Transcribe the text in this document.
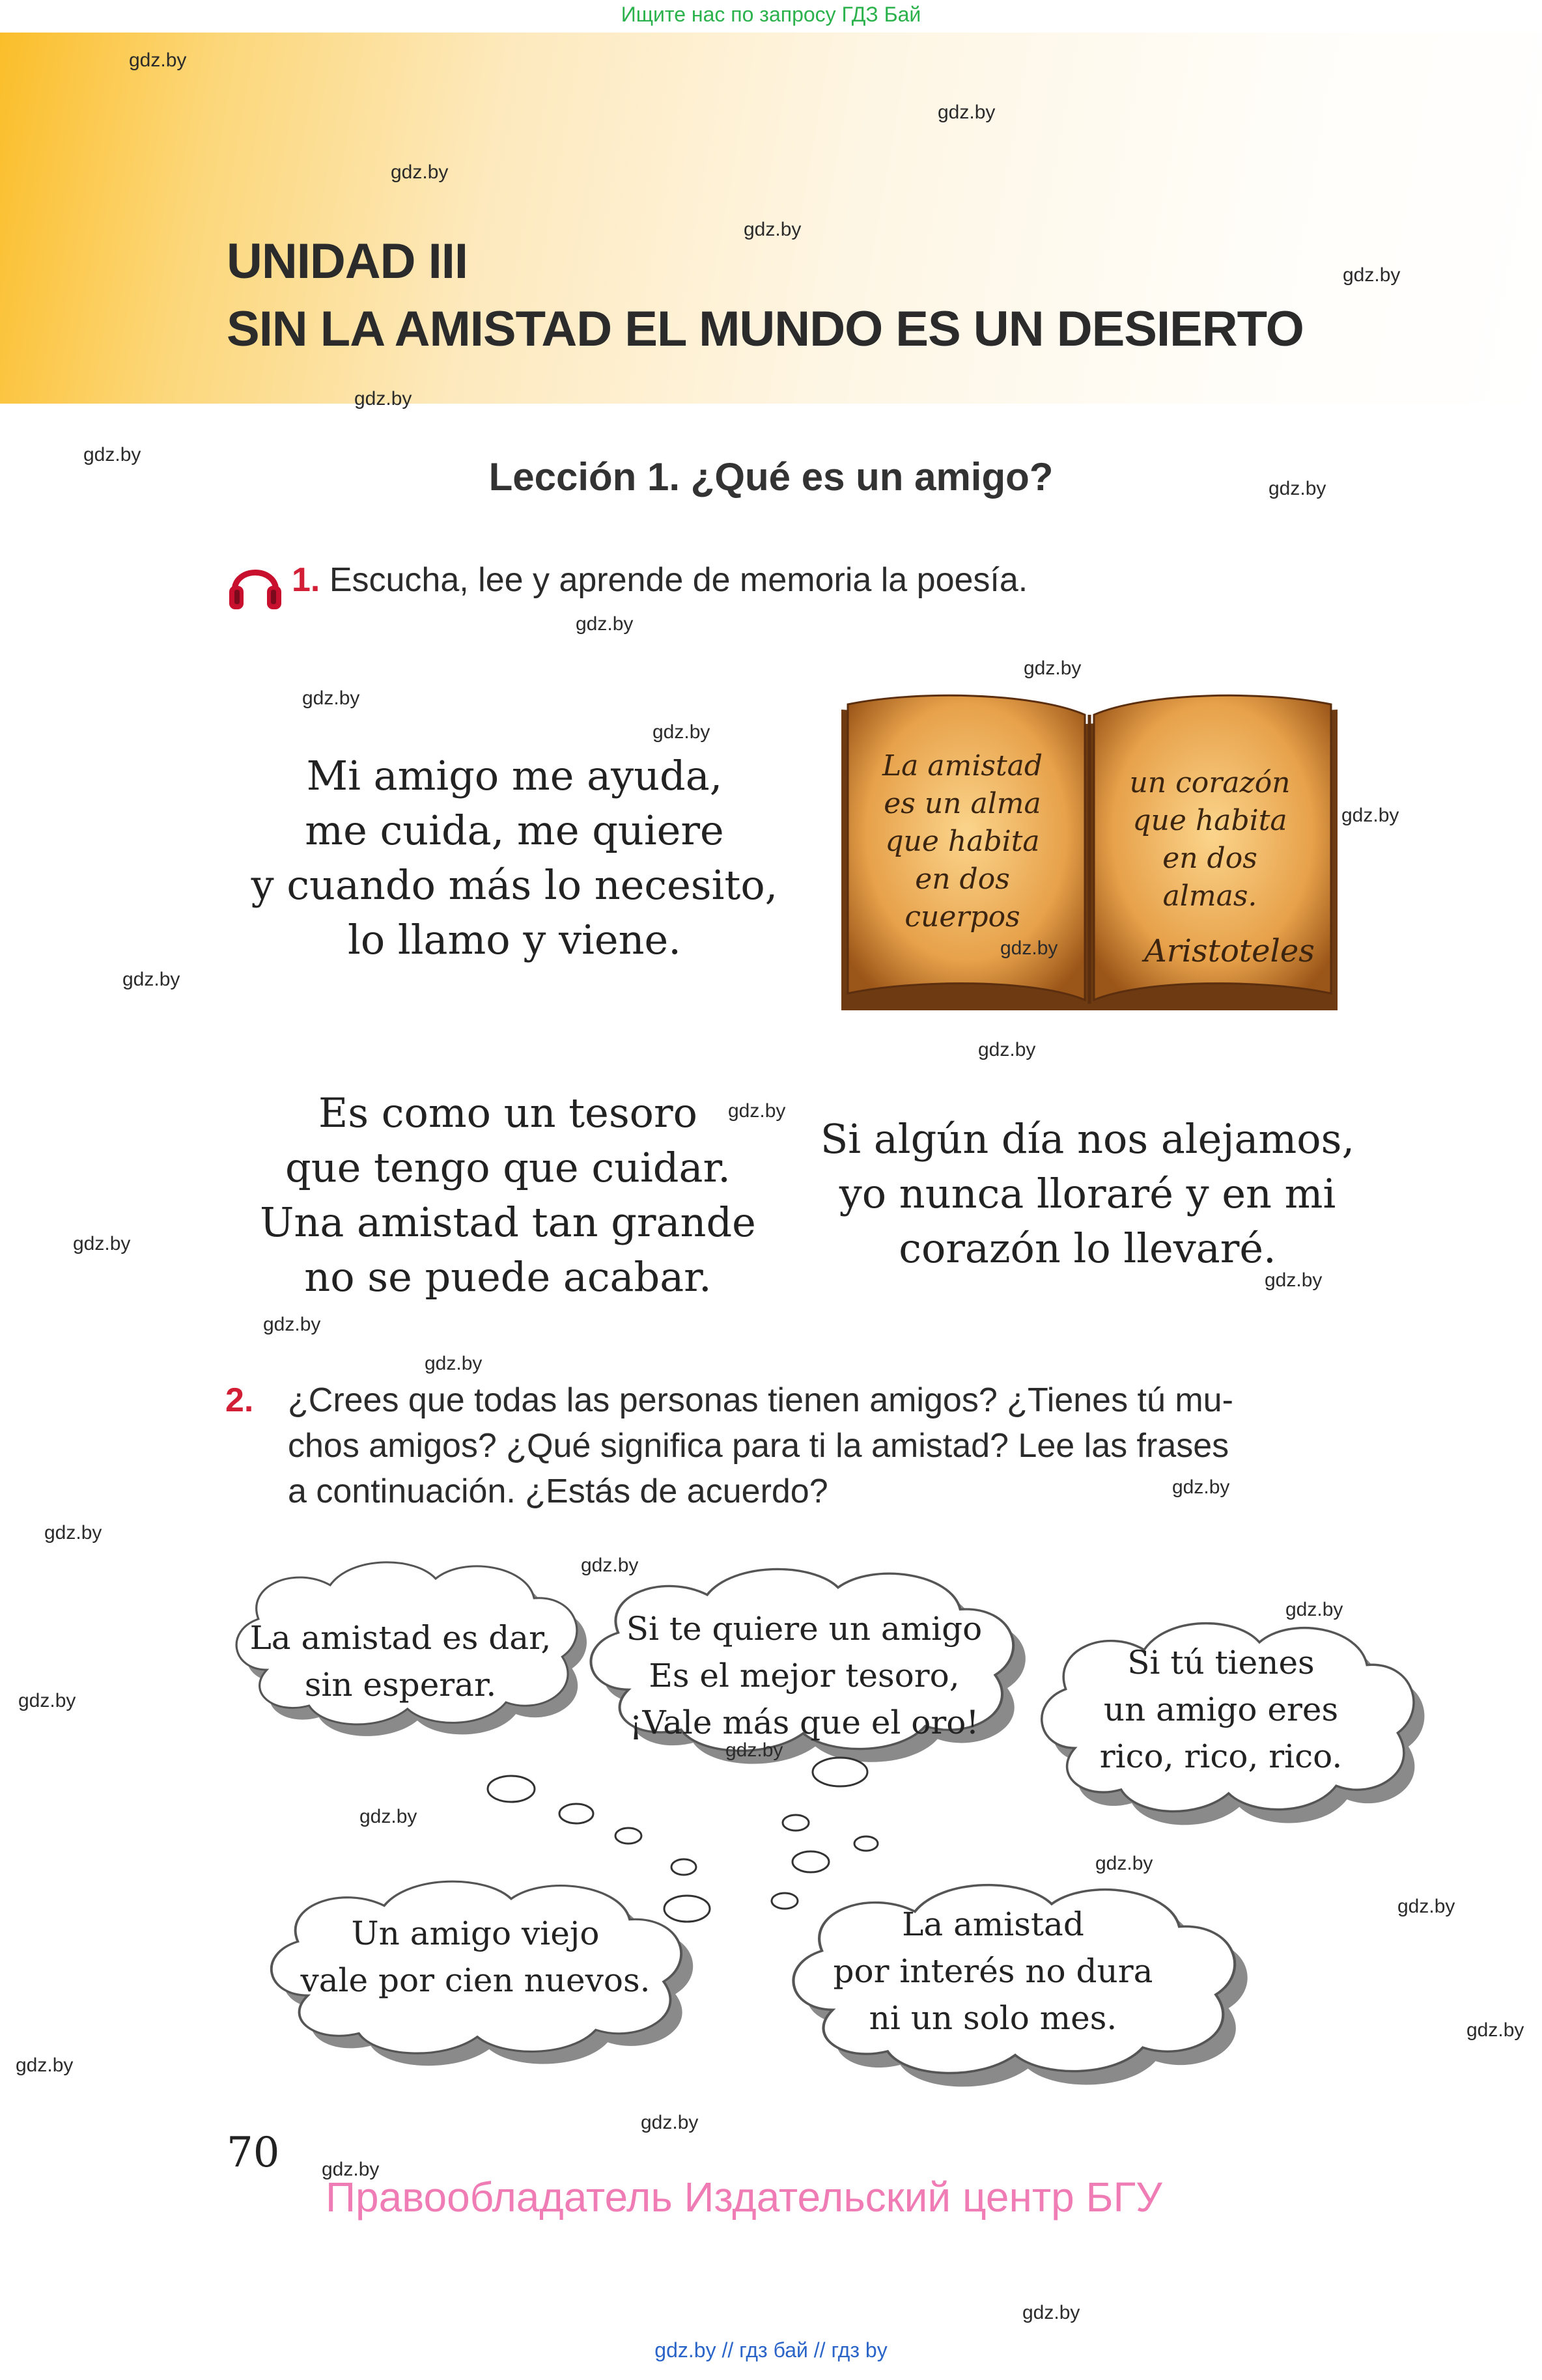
Ищите нас по запросу ГДЗ Бай
UNIDAD III
SIN LA AMISTAD EL MUNDO ES UN DESIERTO
Lección 1. ¿Qué es un amigo?
1. Escucha, lee y aprende de memoria la poesía.
Mi amigo me ayuda,
me cuida, me quiere
y cuando más lo necesito,
lo llamo y viene.
La amistad
es un alma
que habita
en dos
cuerpos
un corazón
que habita
en dos
almas.
Aristoteles
Es como un tesoro
que tengo que cuidar.
Una amistad tan grande
no se puede acabar.
Si algún día nos alejamos,
yo nunca lloraré y en mi
corazón lo llevaré.
2. ¿Crees que todas las personas tienen amigos? ¿Tienes tú mu-
chos amigos? ¿Qué significa para ti la amistad? Lee las frases
a continuación. ¿Estás de acuerdo?
La amistad es dar,
sin esperar.
Si te quiere un amigo
Es el mejor tesoro,
¡Vale más que el oro!
Si tú tienes
un amigo eres
rico, rico, rico.
Un amigo viejo
vale por cien nuevos.
La amistad
por interés no dura
ni un solo mes.
gdz.by
gdz.by
gdz.by
gdz.by
gdz.by
gdz.by
gdz.by
gdz.by
gdz.by
gdz.by
gdz.by
gdz.by
gdz.by
gdz.by
gdz.by
gdz.by
gdz.by
gdz.by
gdz.by
gdz.by
gdz.by
gdz.by
gdz.by
gdz.by
gdz.by
gdz.by
gdz.by
gdz.by
gdz.by
gdz.by
gdz.by
gdz.by
gdz.by
gdz.by
gdz.by
70
Правообладатель Издательский центр БГУ
gdz.by // гдз бай // гдз by
